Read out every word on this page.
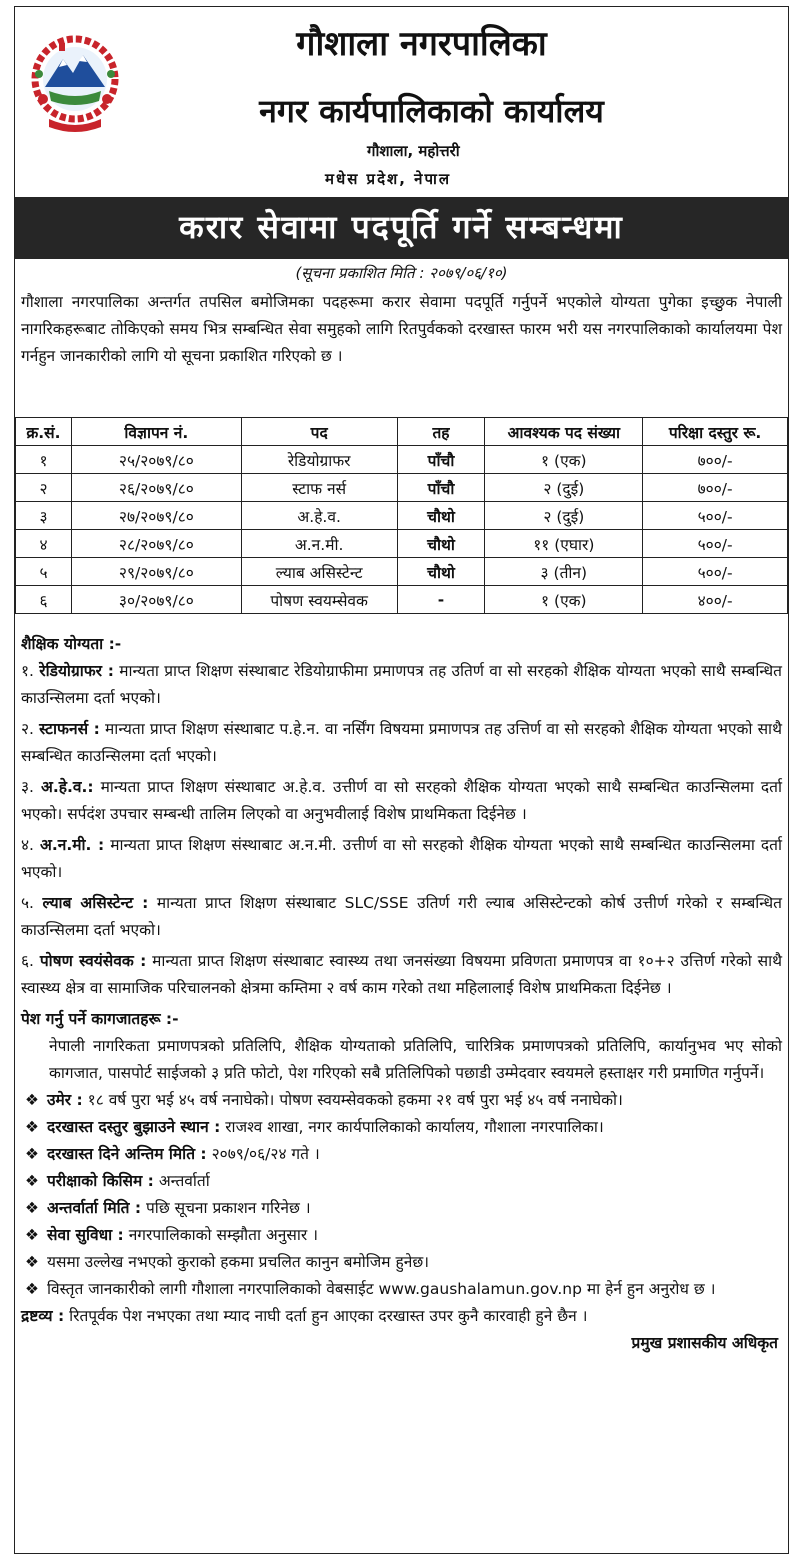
गौशाला नगरपालिका
नगर कार्यपालिकाको कार्यालय
गौशाला, महोत्तरी
मधेस प्रदेश, नेपाल
करार सेवामा पदपूर्ति गर्ने सम्बन्धमा
(सूचना प्रकाशित मिति : २०७९/०६/१०)
गौशाला नगरपालिका अन्तर्गत तपसिल बमोजिमका पदहरूमा करार सेवामा पदपूर्ति गर्नुपर्ने भएकोले योग्यता पुगेका इच्छुक नेपाली नागरिकहरूबाट तोकिएको समय भित्र सम्बन्धित सेवा समुहको लागि रितपुर्वकको दरखास्त फारम भरी यस नगरपालिकाको कार्यालयमा पेश गर्नहुन जानकारीको लागि यो सूचना प्रकाशित गरिएको छ ।
क्र.सं.	विज्ञापन नं.	पद	तह	आवश्यक पद संख्या	परिक्षा दस्तुर रू.
१	२५/२०७९/८०	रेडियोग्राफर	पाँचौ	१ (एक)	७००/-
२	२६/२०७९/८०	स्टाफ नर्स	पाँचौ	२ (दुई)	७००/-
३	२७/२०७९/८०	अ.हे.व.	चौथो	२ (दुई)	५००/-
४	२८/२०७९/८०	अ.न.मी.	चौथो	११ (एघार)	५००/-
५	२९/२०७९/८०	ल्याब असिस्टेन्ट	चौथो	३ (तीन)	५००/-
६	३०/२०७९/८०	पोषण स्वयम्सेवक	-	१ (एक)	४००/-
शैक्षिक योग्यता :-
१. रेडियोग्राफर : मान्यता प्राप्त शिक्षण संस्थाबाट रेडियोग्राफीमा प्रमाणपत्र तह उतिर्ण वा सो सरहको शैक्षिक योग्यता भएको साथै सम्बन्धित काउन्सिलमा दर्ता भएको।
२. स्टाफनर्स : मान्यता प्राप्त शिक्षण संस्थाबाट प.हे.न. वा नर्सिंग विषयमा प्रमाणपत्र तह उत्तिर्ण वा सो सरहको शैक्षिक योग्यता भएको साथै सम्बन्धित काउन्सिलमा दर्ता भएको।
३. अ.हे.व.: मान्यता प्राप्त शिक्षण संस्थाबाट अ.हे.व. उत्तीर्ण वा सो सरहको शैक्षिक योग्यता भएको साथै सम्बन्धित काउन्सिलमा दर्ता भएको। सर्पदंश उपचार सम्बन्धी तालिम लिएको वा अनुभवीलाई विशेष प्राथमिकता दिईनेछ ।
४. अ.न.मी. : मान्यता प्राप्त शिक्षण संस्थाबाट अ.न.मी. उत्तीर्ण वा सो सरहको शैक्षिक योग्यता भएको साथै सम्बन्धित काउन्सिलमा दर्ता भएको।
५. ल्याब असिस्टेन्ट : मान्यता प्राप्त शिक्षण संस्थाबाट SLC/SSE उतिर्ण गरी ल्याब असिस्टेन्टको कोर्ष उत्तीर्ण गरेको र सम्बन्धित काउन्सिलमा दर्ता भएको।
६. पोषण स्वयंसेवक : मान्यता प्राप्त शिक्षण संस्थाबाट स्वास्थ्य तथा जनसंख्या विषयमा प्रविणता प्रमाणपत्र वा १०+२ उत्तिर्ण गरेको साथै स्वास्थ्य क्षेत्र वा सामाजिक परिचालनको क्षेत्रमा कम्तिमा २ वर्ष काम गरेको तथा महिलालाई विशेष प्राथमिकता दिईनेछ ।
पेश गर्नु पर्ने कागजातहरू :-
नेपाली नागरिकता प्रमाणपत्रको प्रतिलिपि, शैक्षिक योग्यताको प्रतिलिपि, चारित्रिक प्रमाणपत्रको प्रतिलिपि, कार्यानुभव भए सोको कागजात, पासपोर्ट साईजको ३ प्रति फोटो, पेश गरिएको सबै प्रतिलिपिको पछाडी उम्मेदवार स्वयमले हस्ताक्षर गरी प्रमाणित गर्नुपर्ने।
❖ उमेर : १८ वर्ष पुरा भई ४५ वर्ष ननाघेको। पोषण स्वयम्सेवकको हकमा २१ वर्ष पुरा भई ४५ वर्ष ननाघेको।
❖ दरखास्त दस्तुर बुझाउने स्थान : राजश्व शाखा, नगर कार्यपालिकाको कार्यालय, गौशाला नगरपालिका।
❖ दरखास्त दिने अन्तिम मिति : २०७९/०६/२४ गते ।
❖ परीक्षाको किसिम : अन्तर्वार्ता
❖ अन्तर्वार्ता मिति : पछि सूचना प्रकाशन गरिनेछ ।
❖ सेवा सुविधा : नगरपालिकाको सम्झौता अनुसार ।
❖ यसमा उल्लेख नभएको कुराको हकमा प्रचलित कानुन बमोजिम हुनेछ।
❖ विस्तृत जानकारीको लागी गौशाला नगरपालिकाको वेबसाईट www.gaushalamun.gov.np मा हेर्न हुन अनुरोध छ ।
द्रष्टव्य : रितपूर्वक पेश नभएका तथा म्याद नाघी दर्ता हुन आएका दरखास्त उपर कुनै कारवाही हुने छैन ।
प्रमुख प्रशासकीय अधिकृत
